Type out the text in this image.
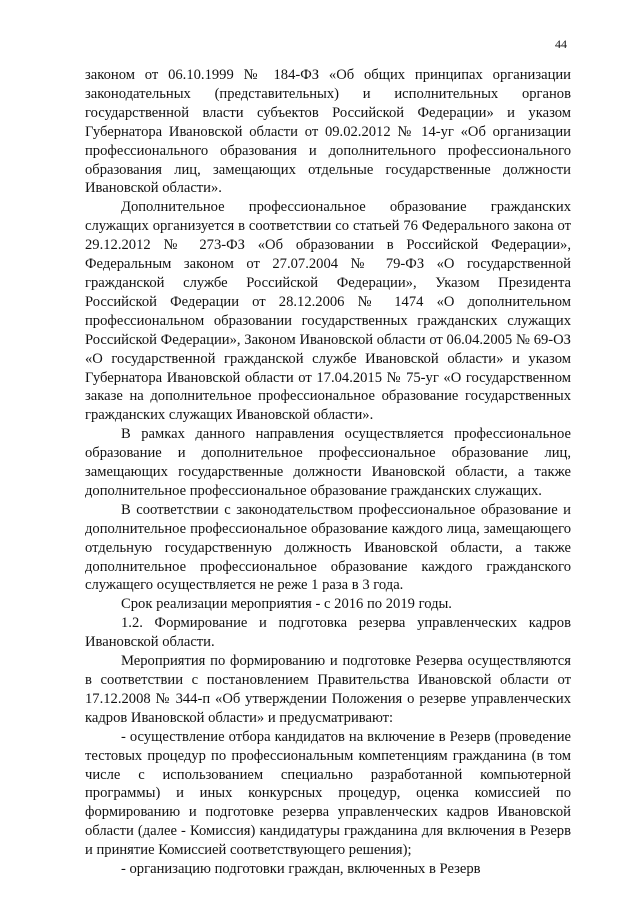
44

законом от 06.10.1999 № 184-ФЗ «Об общих принципах организации законодательных (представительных) и исполнительных органов государственной власти субъектов Российской Федерации» и указом Губернатора Ивановской области от 09.02.2012 № 14-уг «Об организации профессионального образования и дополнительного профессионального образования лиц, замещающих отдельные государственные должности Ивановской области».

Дополнительное профессиональное образование гражданских служащих организуется в соответствии со статьей 76 Федерального закона от 29.12.2012 № 273-ФЗ «Об образовании в Российской Федерации», Федеральным законом от 27.07.2004 № 79-ФЗ «О государственной гражданской службе Российской Федерации», Указом Президента Российской Федерации от 28.12.2006 № 1474 «О дополнительном профессиональном образовании государственных гражданских служащих Российской Федерации», Законом Ивановской области от 06.04.2005 № 69-ОЗ «О государственной гражданской службе Ивановской области» и указом Губернатора Ивановской области от 17.04.2015 № 75-уг «О государственном заказе на дополнительное профессиональное образование государственных гражданских служащих Ивановской области».

В рамках данного направления осуществляется профессиональное образование и дополнительное профессиональное образование лиц, замещающих государственные должности Ивановской области, а также дополнительное профессиональное образование гражданских служащих.

В соответствии с законодательством профессиональное образование и дополнительное профессиональное образование каждого лица, замещающего отдельную государственную должность Ивановской области, а также дополнительное профессиональное образование каждого гражданского служащего осуществляется не реже 1 раза в 3 года.

Срок реализации мероприятия - с 2016 по 2019 годы.

1.2. Формирование и подготовка резерва управленческих кадров Ивановской области.

Мероприятия по формированию и подготовке Резерва осуществляются в соответствии с постановлением Правительства Ивановской области от 17.12.2008 № 344-п «Об утверждении Положения о резерве управленческих кадров Ивановской области» и предусматривают:

- осуществление отбора кандидатов на включение в Резерв (проведение тестовых процедур по профессиональным компетенциям гражданина (в том числе с использованием специально разработанной компьютерной программы) и иных конкурсных процедур, оценка комиссией по формированию и подготовке резерва управленческих кадров Ивановской области (далее - Комиссия) кандидатуры гражданина для включения в Резерв и принятие Комиссией соответствующего решения);

- организацию подготовки граждан, включенных в Резерв
